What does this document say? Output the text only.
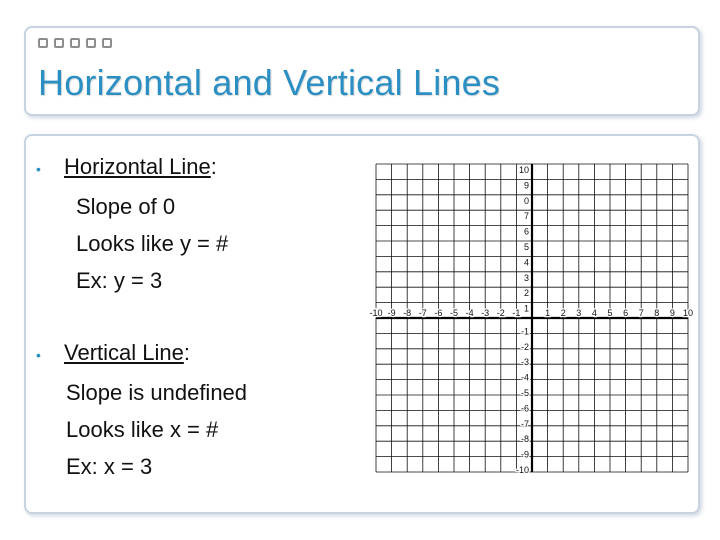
Horizontal and Vertical Lines
•	Horizontal Line:
Slope of 0
Looks like y = #
Ex: y = 3
•	Vertical Line:
Slope is undefined
Looks like x = #
Ex: x = 3
-10 -9 -8 -7 -6 -5 -4 -3 -2 -1	1 2 3 4 5 6 7 8 9 10
10
9
0
7
6
5
4
3
2
1
-1
-2
-3
-4
-5
-6
-7
-8
-9
-10
